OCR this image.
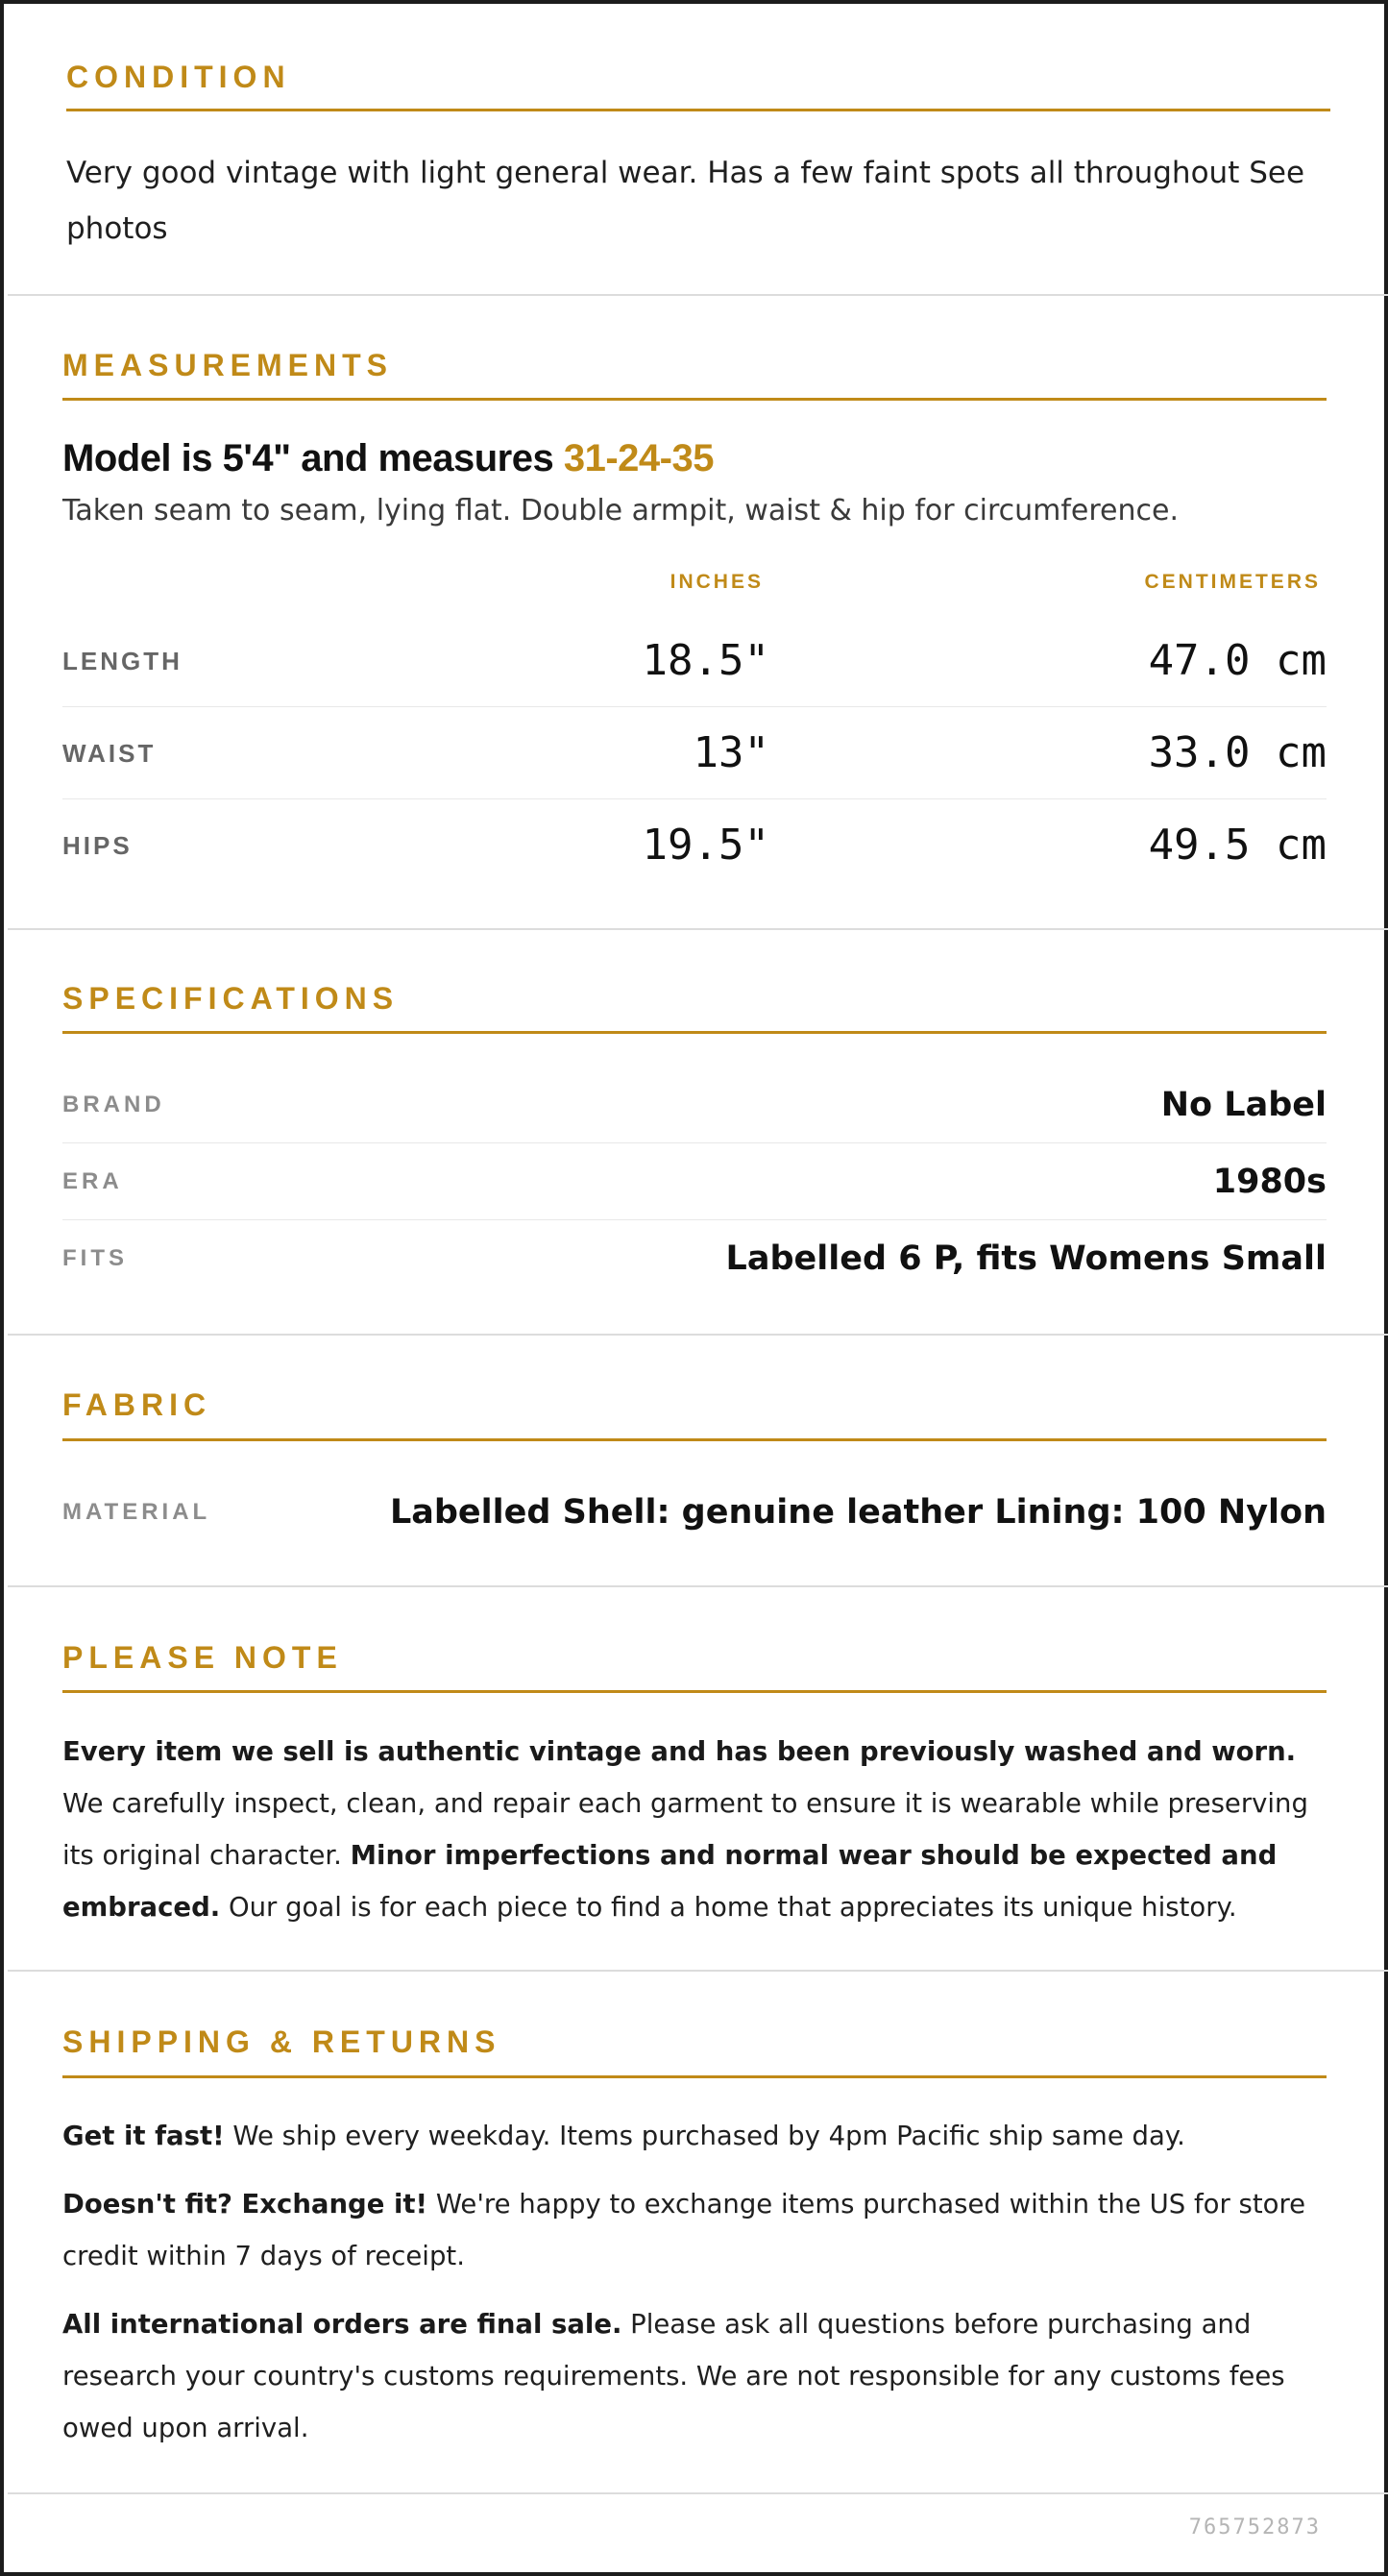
CONDITION
Very good vintage with light general wear. Has a few faint spots all throughout See photos
MEASUREMENTS
Model is 5'4" and measures 31-24-35
Taken seam to seam, lying flat. Double armpit, waist & hip for circumference.
INCHES	CENTIMETERS
LENGTH	18.5"	47.0 cm
WAIST	13"	33.0 cm
HIPS	19.5"	49.5 cm
SPECIFICATIONS
BRAND	No Label
ERA	1980s
FITS	Labelled 6 P, fits Womens Small
FABRIC
MATERIAL	Labelled Shell: genuine leather Lining: 100 Nylon
PLEASE NOTE
Every item we sell is authentic vintage and has been previously washed and worn. We carefully inspect, clean, and repair each garment to ensure it is wearable while preserving its original character. Minor imperfections and normal wear should be expected and embraced. Our goal is for each piece to find a home that appreciates its unique history.
SHIPPING & RETURNS
Get it fast! We ship every weekday. Items purchased by 4pm Pacific ship same day.
Doesn't fit? Exchange it! We're happy to exchange items purchased within the US for store credit within 7 days of receipt.
All international orders are final sale. Please ask all questions before purchasing and research your country's customs requirements. We are not responsible for any customs fees owed upon arrival.
765752873
